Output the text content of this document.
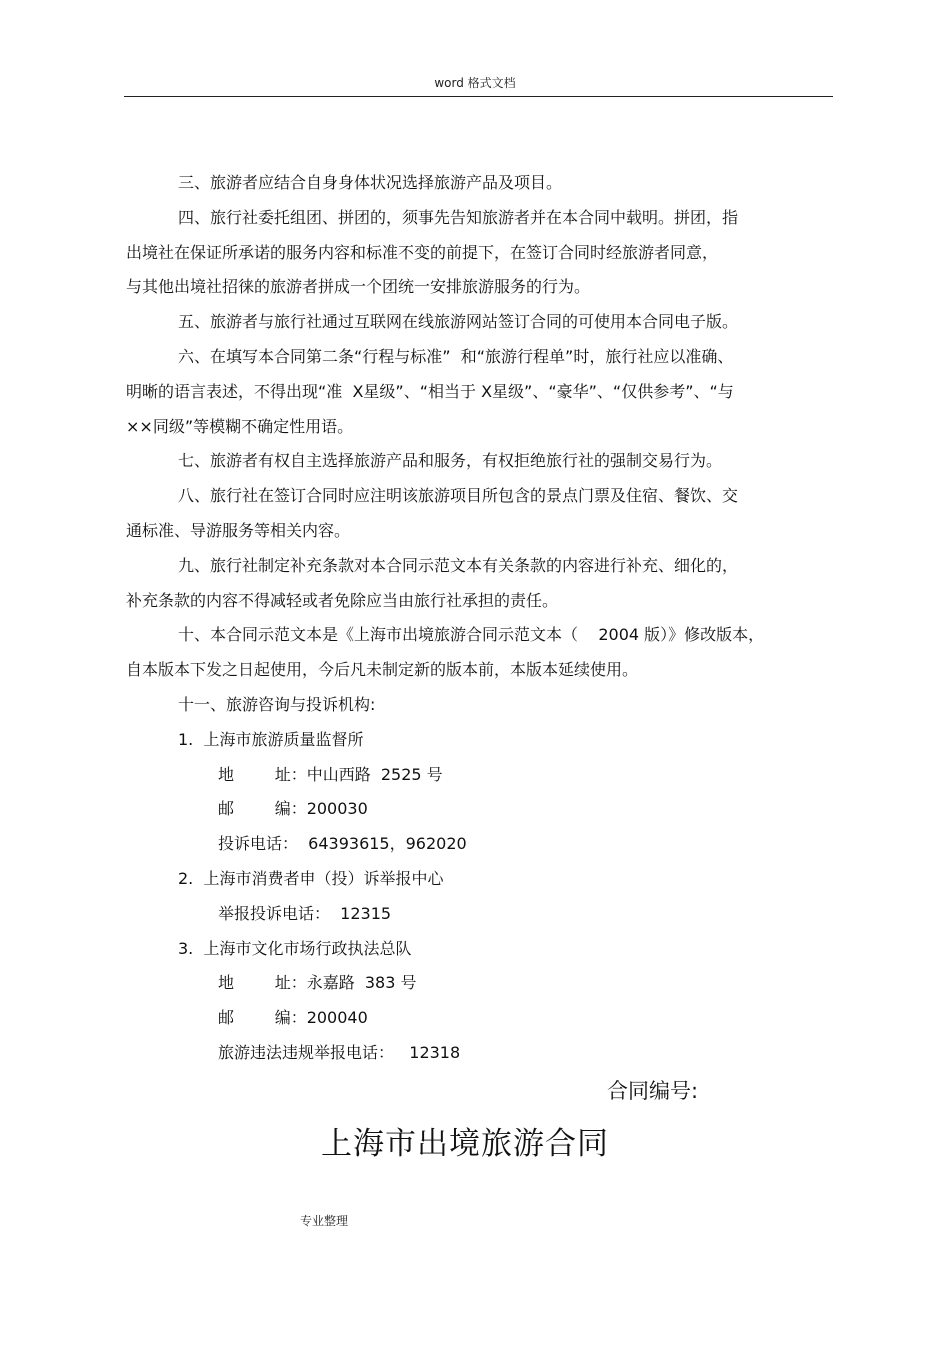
word 格式文档
三、旅游者应结合自身身体状况选择旅游产品及项目。
四、旅行社委托组团、拼团的，须事先告知旅游者并在本合同中载明。拼团，指
出境社在保证所承诺的服务内容和标准不变的前提下，在签订合同时经旅游者同意，
与其他出境社招徕的旅游者拼成一个团统一安排旅游服务的行为。
五、旅游者与旅行社通过互联网在线旅游网站签订合同的可使用本合同电子版。
六、在填写本合同第二条“行程与标准”  和“旅游行程单”时，旅行社应以准确、
明晰的语言表述，不得出现“准  X星级”、“相当于 X星级”、“豪华”、“仅供参考”、“与
××同级”等模糊不确定性用语。
七、旅游者有权自主选择旅游产品和服务，有权拒绝旅行社的强制交易行为。
八、旅行社在签订合同时应注明该旅游项目所包含的景点门票及住宿、餐饮、交
通标准、导游服务等相关内容。
九、旅行社制定补充条款对本合同示范文本有关条款的内容进行补充、细化的，
补充条款的内容不得减轻或者免除应当由旅行社承担的责任。
十、本合同示范文本是《上海市出境旅游合同示范文本（    2004 版）》修改版本，
自本版本下发之日起使用，今后凡未制定新的版本前，本版本延续使用。
十一、旅游咨询与投诉机构:
1.  上海市旅游质量监督所
地        址：中山西路  2525 号
邮        编：200030
投诉电话：  64393615，962020
2.  上海市消费者申（投）诉举报中心
举报投诉电话：  12315
3.  上海市文化市场行政执法总队
地        址：永嘉路  383 号
邮        编：200040
旅游违法违规举报电话：   12318
合同编号:
上海市出境旅游合同
专业整理
